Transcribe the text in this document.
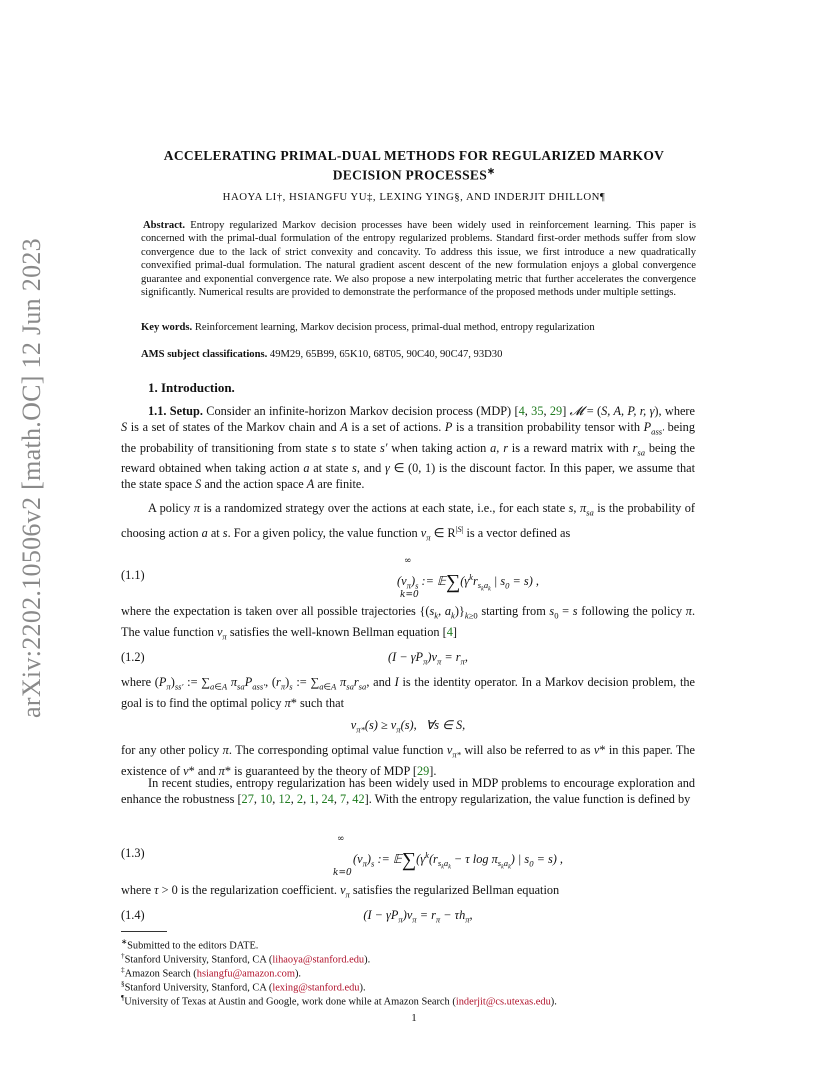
arXiv:2202.10506v2 [math.OC] 12 Jun 2023
ACCELERATING PRIMAL-DUAL METHODS FOR REGULARIZED MARKOV
DECISION PROCESSES∗
HAOYA LI†, HSIANGFU YU‡, LEXING YING§, AND INDERJIT DHILLON¶
Abstract. Entropy regularized Markov decision processes have been widely used in reinforcement learning. This paper is concerned with the primal-dual formulation of the entropy regularized problems. Standard first-order methods suffer from slow convergence due to the lack of strict convexity and concavity. To address this issue, we first introduce a new quadratically convexified primal-dual formulation. The natural gradient ascent descent of the new formulation enjoys a global convergence guarantee and exponential convergence rate. We also propose a new interpolating metric that further accelerates the convergence significantly. Numerical results are provided to demonstrate the performance of the proposed methods under multiple settings.
Key words. Reinforcement learning, Markov decision process, primal-dual method, entropy regularization
AMS subject classifications. 49M29, 65B99, 65K10, 68T05, 90C40, 90C47, 93D30
1. Introduction.
1.1. Setup. Consider an infinite-horizon Markov decision process (MDP) [4, 35, 29] 𝓜 = (S, A, P, r, γ), where S is a set of states of the Markov chain and A is a set of actions. P is a transition probability tensor with $P_{ass'}$ being the probability of transitioning from state s to state s′ when taking action a, r is a reward matrix with $r_{sa}$ being the reward obtained when taking action a at state s, and γ ∈ (0, 1) is the discount factor. In this paper, we assume that the state space S and the action space A are finite.
A policy π is a randomized strategy over the actions at each state, i.e., for each state s, $\pi_{sa}$ is the probability of choosing action a at s. For a given policy, the value function $v_\pi$ ∈ $R^{|S|}$ is a vector defined as
(1.1)	$(v_\pi)_s$ := $𝔼\sum(\gamma^kr_{s_ka_k}$ | $s_0 = s$) ,
∞
k=0
where the expectation is taken over all possible trajectories {($s_k$, $a_k)\}_{k\ge 0}$ starting from $s_0 = s$ following the policy π. The value function $v_\pi$ satisfies the well-known Bellman equation [4]
(1.2)	$(I - \gamma P_\pi)v_\pi = r_\pi$,
where $(P_\pi)_{ss'}$ := $\sum_{a\in A}$ $\pi_{sa}P_{ass'}$, $(r_\pi)_s$ := $\sum_{a\in A}$ $\pi_{sa}r_{sa}$, and I is the identity operator. In a Markov decision problem, the goal is to find the optimal policy π* such that
$v_{\pi*}(s) \ge v_\pi(s)$,   ∀s ∈ S,
for any other policy π. The corresponding optimal value function $v_{\pi*}$ will also be referred to as v* in this paper. The existence of v* and π* is guaranteed by the theory of MDP [29].
In recent studies, entropy regularization has been widely used in MDP problems to encourage exploration and enhance the robustness [27, 10, 12, 2, 1, 24, 7, 42]. With the entropy regularization, the value function is defined by
(1.3)	$(v_\pi)_s$ := $𝔼\sum(\gamma^k(r_{s_ka_k} - \tau$ $\log \pi_{s_ka_k}$) | $s_0 = s$) ,
∞
k=0
where τ > 0 is the regularization coefficient. $v_\pi$ satisfies the regularized Bellman equation
(1.4)	$(I - \gamma P_\pi)v_\pi = r_\pi - \tau h_\pi$,
∗Submitted to the editors DATE.
†Stanford University, Stanford, CA (lihaoya@stanford.edu).
‡Amazon Search (hsiangfu@amazon.com).
§Stanford University, Stanford, CA (lexing@stanford.edu).
¶University of Texas at Austin and Google, work done while at Amazon Search (inderjit@cs.utexas.edu).
1
